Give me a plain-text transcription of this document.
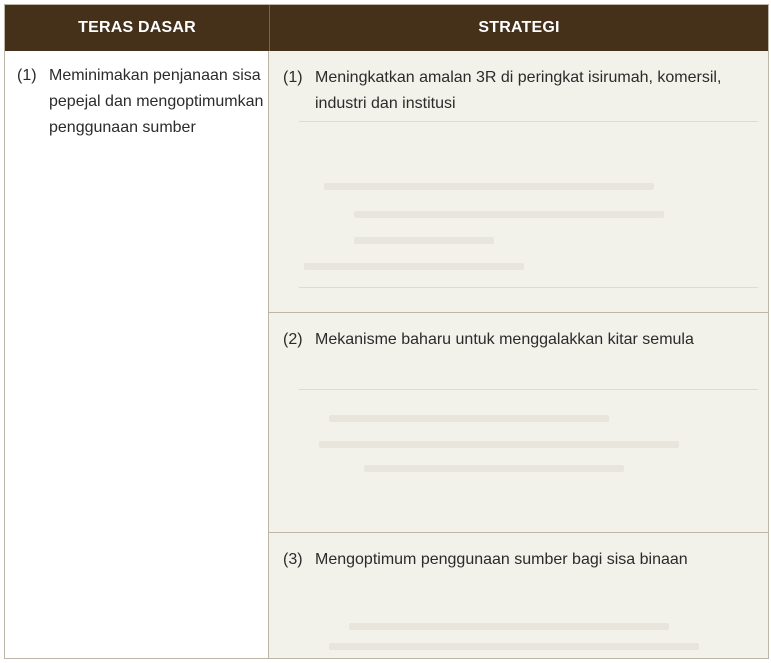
TERAS DASAR	STRATEGI
(1) Meminimakan penjanaan sisa pepejal dan mengoptimumkan penggunaan sumber
(1) Meningkatkan amalan 3R di peringkat isirumah, komersil, industri dan institusi
(2) Mekanisme baharu untuk menggalakkan kitar semula
(3) Mengoptimum penggunaan sumber bagi sisa binaan
